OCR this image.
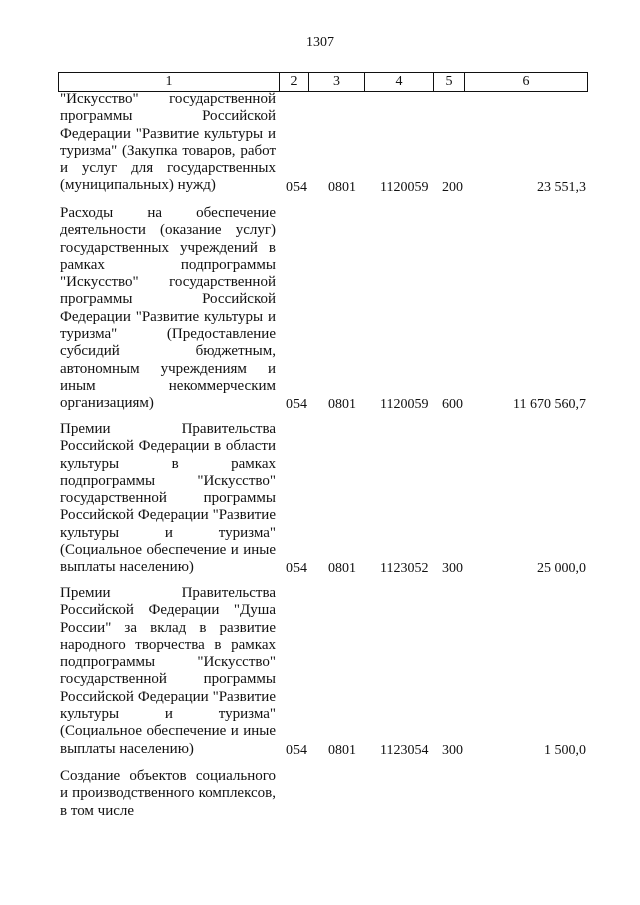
1307
1	2	3	4	5	6
"Искусство" государственной программы Российской Федерации "Развитие культуры и туризма" (Закупка товаров, работ и услуг для государственных (муниципальных) нужд)	054 0801 1120059 200	23 551,3
Расходы на обеспечение деятельности (оказание услуг) государственных учреждений в рамках подпрограммы "Искусство" государственной программы Российской Федерации "Развитие культуры и туризма" (Предоставление субсидий бюджетным, автономным учреждениям и иным некоммерческим организациям)	054 0801 1120059 600	11 670 560,7
Премии Правительства Российской Федерации в области культуры в рамках подпрограммы "Искусство" государственной программы Российской Федерации "Развитие культуры и туризма" (Социальное обеспечение и иные выплаты населению)	054 0801 1123052 300	25 000,0
Премии Правительства Российской Федерации "Душа России" за вклад в развитие народного творчества в рамках подпрограммы "Искусство" государственной программы Российской Федерации "Развитие культуры и туризма" (Социальное обеспечение и иные выплаты населению)	054 0801 1123054 300	1 500,0
Создание объектов социального и производственного комплексов, в том числе
